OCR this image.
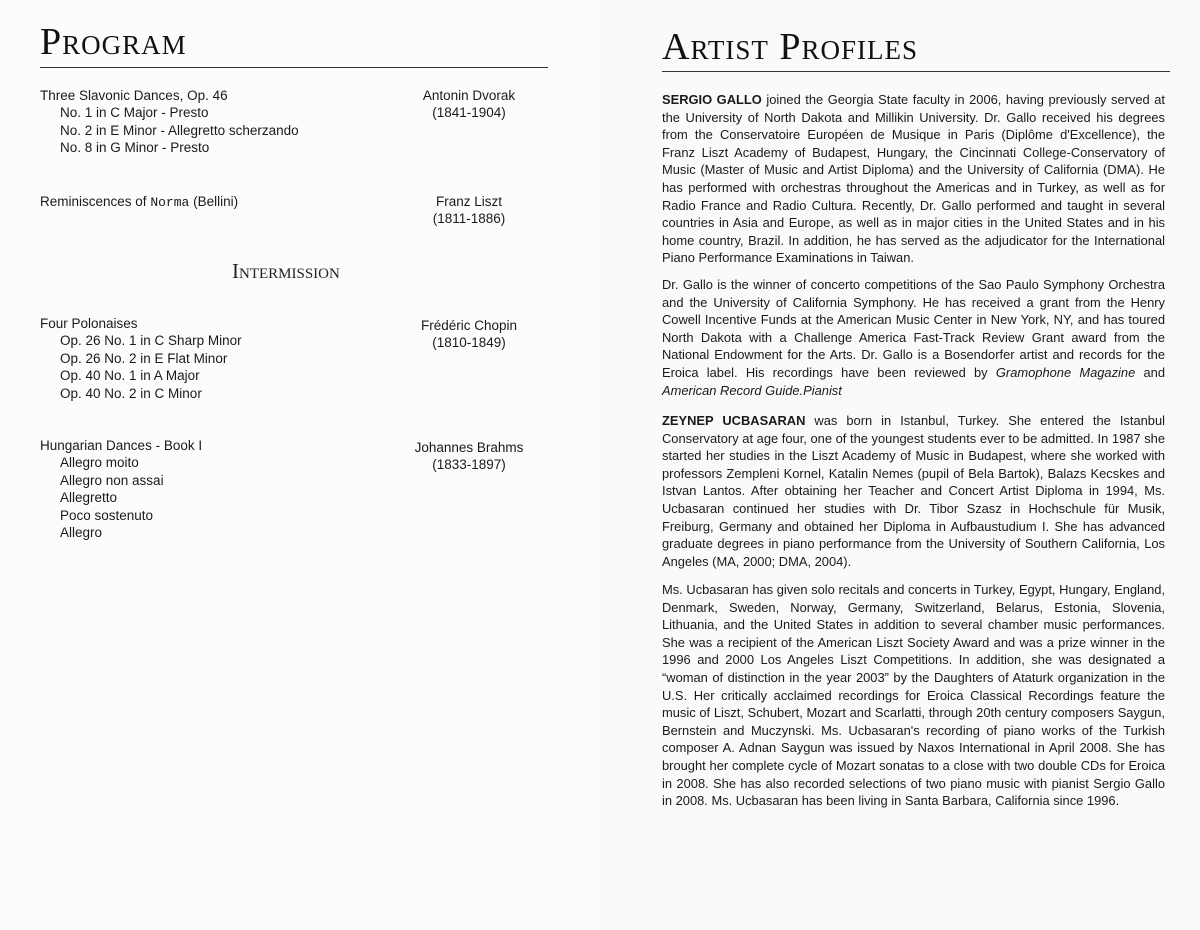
Program
Three Slavonic Dances, Op. 46
No. 1 in C Major - Presto
No. 2 in E Minor - Allegretto scherzando
No. 8 in G Minor - Presto
Antonin Dvorak
(1841-1904)
Reminiscences of Norma (Bellini)	Franz Liszt
(1811-1886)
Intermission
Four Polonaises
Op. 26 No. 1 in C Sharp Minor
Op. 26 No. 2 in E Flat Minor
Op. 40 No. 1 in A Major
Op. 40 No. 2 in C Minor
Frédéric Chopin
(1810-1849)
Hungarian Dances - Book I
Allegro moito
Allegro non assai
Allegretto
Poco sostenuto
Allegro
Johannes Brahms
(1833-1897)
Artist Profiles

SERGIO GALLO joined the Georgia State faculty in 2006, having previously served at the University of North Dakota and Millikin University. Dr. Gallo received his degrees from the Conservatoire Européen de Musique in Paris (Diplôme d'Excellence), the Franz Liszt Academy of Budapest, Hungary, the Cincinnati College-Conservatory of Music (Master of Music and Artist Diploma) and the University of California (DMA). He has performed with orchestras throughout the Americas and in Turkey, as well as for Radio France and Radio Cultura. Recently, Dr. Gallo performed and taught in several countries in Asia and Europe, as well as in major cities in the United States and in his home country, Brazil. In addition, he has served as the adjudicator for the International Piano Performance Examinations in Taiwan.

Dr. Gallo is the winner of concerto competitions of the Sao Paulo Symphony Orchestra and the University of California Symphony. He has received a grant from the Henry Cowell Incentive Funds at the American Music Center in New York, NY, and has toured North Dakota with a Challenge America Fast-Track Review Grant award from the National Endowment for the Arts. Dr. Gallo is a Bosendorfer artist and records for the Eroica label. His recordings have been reviewed by Gramophone Magazine and American Record Guide.Pianist

ZEYNEP UCBASARAN was born in Istanbul, Turkey. She entered the Istanbul Conservatory at age four, one of the youngest students ever to be admitted. In 1987 she started her studies in the Liszt Academy of Music in Budapest, where she worked with professors Zempleni Kornel, Katalin Nemes (pupil of Bela Bartok), Balazs Kecskes and Istvan Lantos. After obtaining her Teacher and Concert Artist Diploma in 1994, Ms. Ucbasaran continued her studies with Dr. Tibor Szasz in Hochschule für Musik, Freiburg, Germany and obtained her Diploma in Aufbaustudium I. She has advanced graduate degrees in piano performance from the University of Southern California, Los Angeles (MA, 2000; DMA, 2004).

Ms. Ucbasaran has given solo recitals and concerts in Turkey, Egypt, Hungary, England, Denmark, Sweden, Norway, Germany, Switzerland, Belarus, Estonia, Slovenia, Lithuania, and the United States in addition to several chamber music performances. She was a recipient of the American Liszt Society Award and was a prize winner in the 1996 and 2000 Los Angeles Liszt Competitions. In addition, she was designated a “woman of distinction in the year 2003” by the Daughters of Ataturk organization in the U.S. Her critically acclaimed recordings for Eroica Classical Recordings feature the music of Liszt, Schubert, Mozart and Scarlatti, through 20th century composers Saygun, Bernstein and Muczynski. Ms. Ucbasaran's recording of piano works of the Turkish composer A. Adnan Saygun was issued by Naxos International in April 2008. She has brought her complete cycle of Mozart sonatas to a close with two double CDs for Eroica in 2008. She has also recorded selections of two piano music with pianist Sergio Gallo in 2008. Ms. Ucbasaran has been living in Santa Barbara, California since 1996.
